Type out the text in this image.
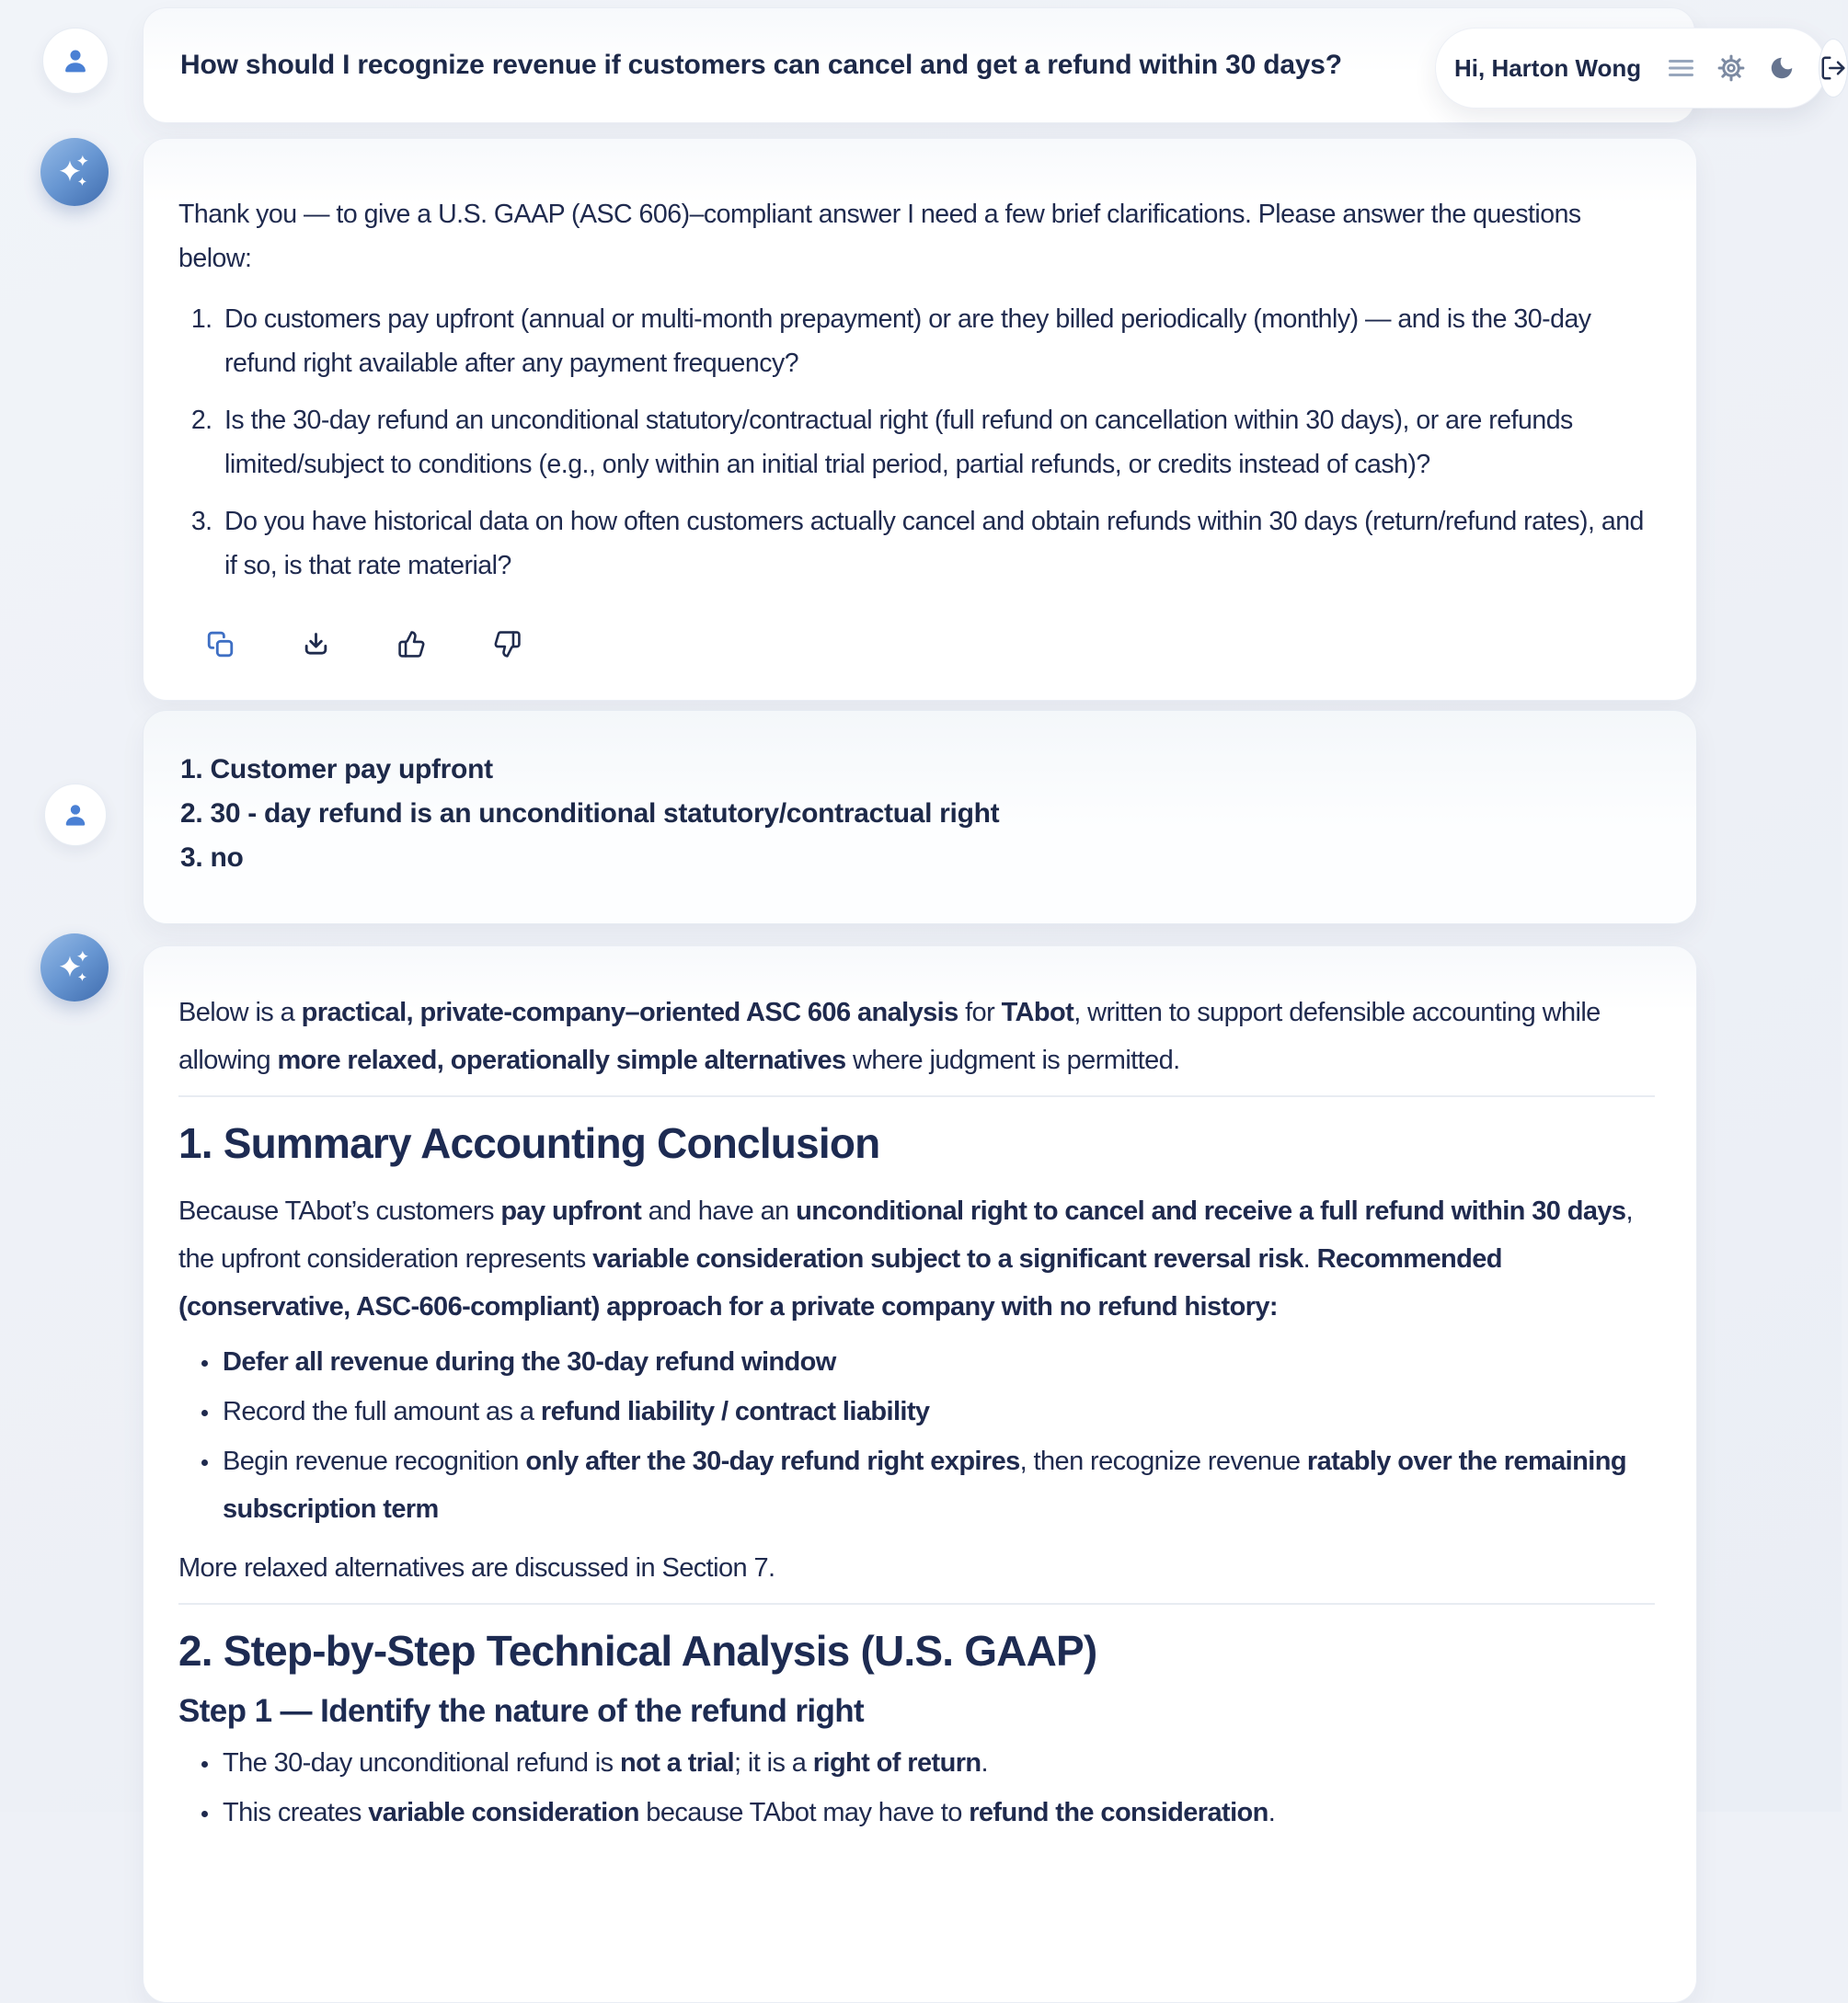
How should I recognize revenue if customers can cancel and get a refund within 30 days?	Hi, Harton Wong

Thank you — to give a U.S. GAAP (ASC 606)–compliant answer I need a few brief clarifications. Please answer the questions below:

1. Do customers pay upfront (annual or multi-month prepayment) or are they billed periodically (monthly) — and is the 30-day refund right available after any payment frequency?
2. Is the 30-day refund an unconditional statutory/contractual right (full refund on cancellation within 30 days), or are refunds limited/subject to conditions (e.g., only within an initial trial period, partial refunds, or credits instead of cash)?
3. Do you have historical data on how often customers actually cancel and obtain refunds within 30 days (return/refund rates), and if so, is that rate material?

1. Customer pay upfront

2. 30 - day refund is an unconditional statutory/contractual right

3. no

Below is a practical, private-company–oriented ASC 606 analysis for TAbot, written to support defensible accounting while allowing more relaxed, operationally simple alternatives where judgment is permitted.

1. Summary Accounting Conclusion

Because TAbot’s customers pay upfront and have an unconditional right to cancel and receive a full refund within 30 days, the upfront consideration represents variable consideration subject to a significant reversal risk. Recommended (conservative, ASC-606-compliant) approach for a private company with no refund history:

• Defer all revenue during the 30-day refund window
• Record the full amount as a refund liability / contract liability
• Begin revenue recognition only after the 30-day refund right expires, then recognize revenue ratably over the remaining subscription term

More relaxed alternatives are discussed in Section 7.

2. Step-by-Step Technical Analysis (U.S. GAAP)
Step 1 — Identify the nature of the refund right
• The 30-day unconditional refund is not a trial; it is a right of return.
• This creates variable consideration because TAbot may have to refund the consideration.
